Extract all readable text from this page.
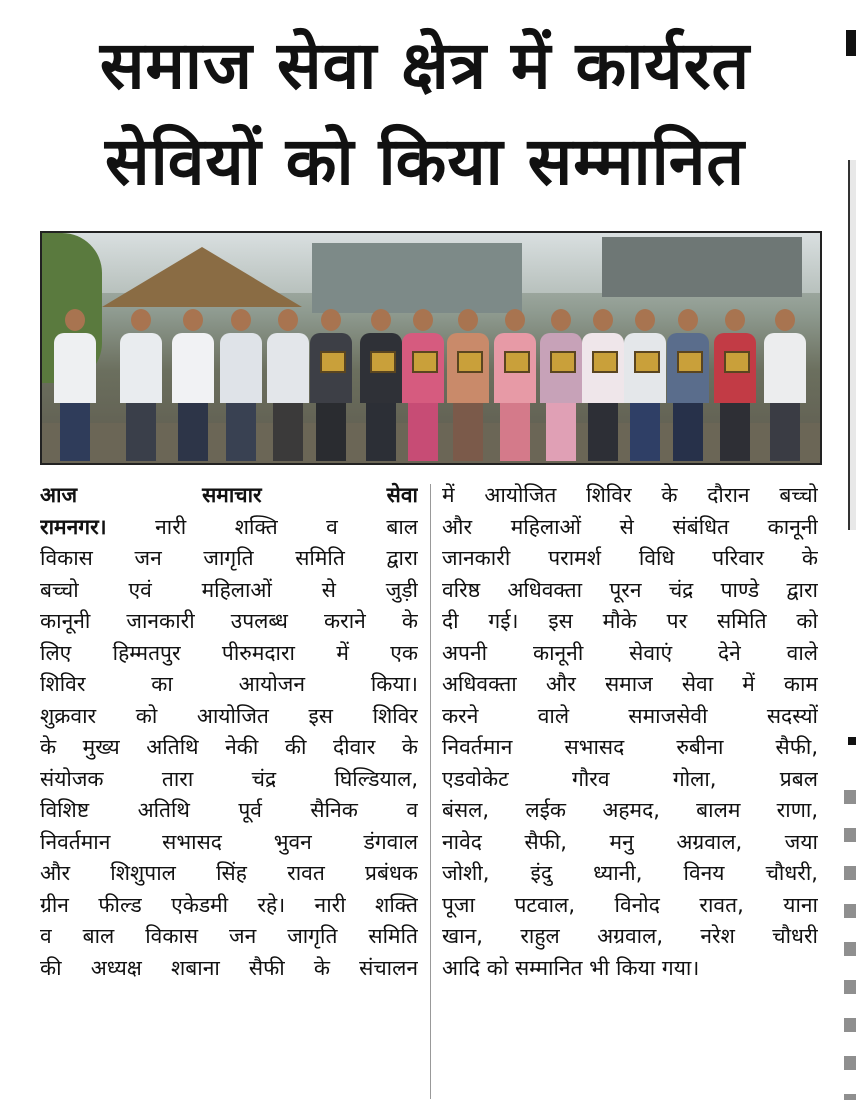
समाज सेवा क्षेत्र में कार्यरत
सेवियों को किया सम्मानित
आज समाचार सेवा
रामनगर। नारी शक्ति व बाल
विकास जन जागृति समिति द्वारा
बच्चो एवं महिलाओं से जुड़ी
कानूनी जानकारी उपलब्ध कराने के
लिए हिम्मतपुर पीरुमदारा में एक
शिविर का आयोजन किया।
शुक्रवार को आयोजित इस शिविर
के मुख्य अतिथि नेकी की दीवार के
संयोजक तारा चंद्र घिल्डियाल,
विशिष्ट अतिथि पूर्व सैनिक व
निवर्तमान सभासद भुवन डंगवाल
और शिशुपाल सिंह रावत प्रबंधक
ग्रीन फील्ड एकेडमी रहे। नारी शक्ति
व बाल विकास जन जागृति समिति
की अध्यक्ष शबाना सैफी के संचालन
में आयोजित शिविर के दौरान बच्चो
और महिलाओं से संबंधित कानूनी
जानकारी परामर्श विधि परिवार के
वरिष्ठ अधिवक्ता पूरन चंद्र पाण्डे द्वारा
दी गई। इस मौके पर समिति को
अपनी कानूनी सेवाएं देने वाले
अधिवक्ता और समाज सेवा में काम
करने वाले समाजसेवी सदस्यों
निवर्तमान सभासद रुबीना सैफी,
एडवोकेट गौरव गोला, प्रबल
बंसल, लईक अहमद, बालम राणा,
नावेद सैफी, मनु अग्रवाल, जया
जोशी, इंदु ध्यानी, विनय चौधरी,
पूजा पटवाल, विनोद रावत, याना
खान, राहुल अग्रवाल, नरेश चौधरी
आदि को सम्मानित भी किया गया।
